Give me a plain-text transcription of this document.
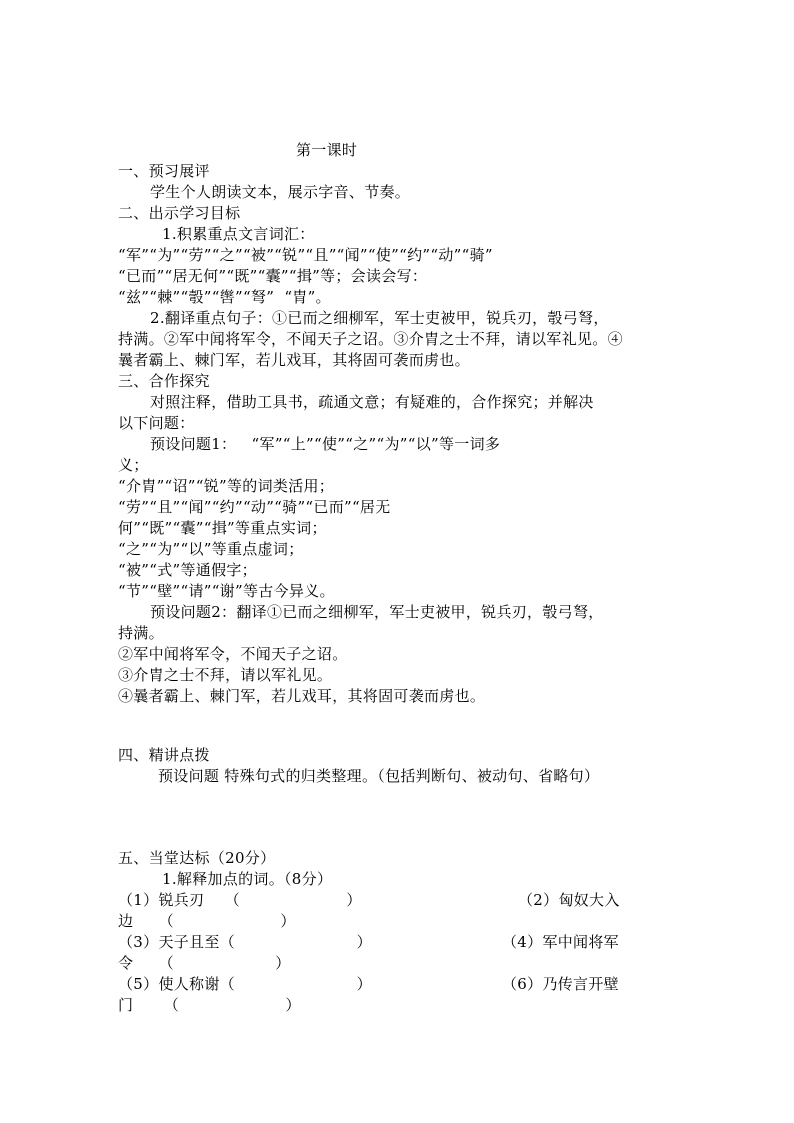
第一课时
一、预习展评
学生个人朗读文本，展示字音、节奏。
二、出示学习目标
1.积累重点文言词汇：
“军”“为”“劳”“之”“被”“锐”“且”“闻”“使”“约”“动”“骑”
“已而”“居无何”“既”“囊”“揖”等；会读会写：
“兹”“棘”“彀”“辔”“弩”  “胄”。
2.翻译重点句子：①已而之细柳军，军士吏被甲，锐兵刃，彀弓弩，
持满。②军中闻将军令，不闻天子之诏。③介胄之士不拜，请以军礼见。④
曩者霸上、棘门军，若儿戏耳，其将固可袭而虏也。
三、合作探究
对照注释，借助工具书，疏通文意；有疑难的，合作探究；并解决
以下问题：
预设问题1：   “军”“上”“使”“之”“为”“以”等一词多
义；
“介胄”“诏”“锐”等的词类活用；
“劳”“且”“闻”“约”“动”“骑”“已而”“居无
何”“既”“囊”“揖”等重点实词；
“之”“为”“以”等重点虚词；
“被”“式”等通假字；
“节”“壁”“请”“谢”等古今异义。
预设问题2：翻译①已而之细柳军，军士吏被甲，锐兵刃，彀弓弩，
持满。
②军中闻将军令，不闻天子之诏。
③介胄之士不拜，请以军礼见。
④曩者霸上、棘门军，若儿戏耳，其将固可袭而虏也。
四、精讲点拨
预设问题 特殊句式的归类整理。（包括判断句、被动句、省略句）
五、当堂达标（20分）
1.解释加点的词。（8分）
（1）锐兵刃    （                     ）	（2）匈奴大入
边     （                     ）
（3）天子且至（                        ）	（4）军中闻将军
令     （                    ）
（5）使人称谢（                        ）	（6）乃传言开壁
门      （                     ）
